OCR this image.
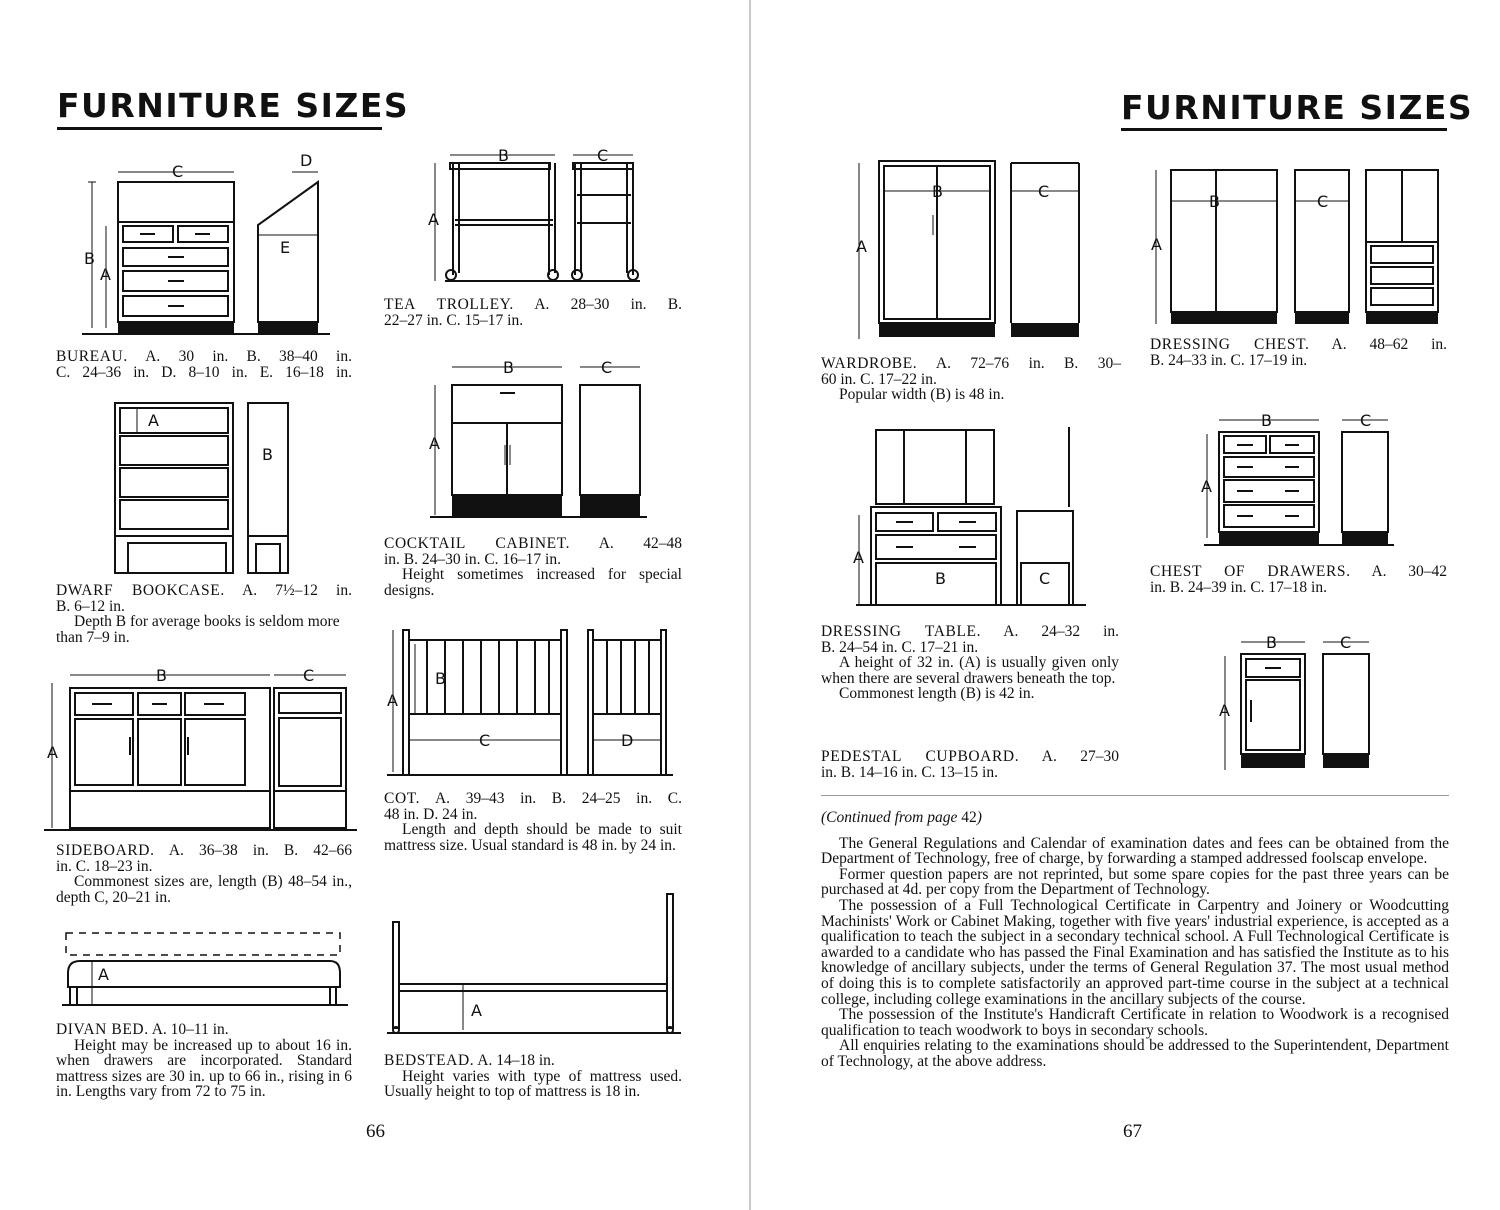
FURNITURE SIZES
C
D
E
B
A

BUREAU. A. 30 in. B. 38–40 in.

C. 24–36 in. D. 8–10 in. E. 16–18 in.

B	C
A

TEA TROLLEY. A. 28–30 in. B.

22–27 in. C. 15–17 in.

A
B

DWARF BOOKCASE. A. 7½–12 in.

B. 6–12 in.

Depth B for average books is seldom more than 7–9 in.

B	C
A

COCKTAIL CABINET. A. 42–48

in. B. 24–30 in. C. 16–17 in.

Height sometimes increased for special designs.

B	C
A

SIDEBOARD. A. 36–38 in. B. 42–66

in. C. 18–23 in.

Commonest sizes are, length (B) 48–54 in., depth C, 20–21 in.

C	D
B
A

COT. A. 39–43 in. B. 24–25 in. C.

48 in. D. 24 in.

Length and depth should be made to suit mattress size. Usual standard is 48 in. by 24 in.

A

DIVAN BED. A. 10–11 in.

Height may be increased up to about 16 in. when drawers are incorporated. Standard mattress sizes are 30 in. up to 66 in., rising in 6 in. Lengths vary from 72 to 75 in.

A

BEDSTEAD. A. 14–18 in.

Height varies with type of mattress used. Usually height to top of mattress is 18 in.

66
FURNITURE SIZES
B	C
A

WARDROBE. A. 72–76 in. B. 30–

60 in. C. 17–22 in.

Popular width (B) is 48 in.

B	C
A

DRESSING CHEST. A. 48–62 in.

B. 24–33 in. C. 17–19 in.

B	C
A

DRESSING TABLE. A. 24–32 in.

B. 24–54 in. C. 17–21 in.

A height of 32 in. (A) is usually given only when there are several drawers beneath the top.

Commonest length (B) is 42 in.

B	C
A

CHEST OF DRAWERS. A. 30–42

in. B. 24–39 in. C. 17–18 in.

B	C
A

PEDESTAL CUPBOARD. A. 27–30

in. B. 14–16 in. C. 13–15 in.

(Continued from page 42)

The General Regulations and Calendar of examination dates and fees can be obtained from the Department of Technology, free of charge, by forwarding a stamped addressed foolscap envelope.

Former question papers are not reprinted, but some spare copies for the past three years can be purchased at 4d. per copy from the Department of Technology.

The possession of a Full Technological Certificate in Carpentry and Joinery or Woodcutting Machinists' Work or Cabinet Making, together with five years' industrial experience, is accepted as a qualification to teach the subject in a secondary technical school. A Full Technological Certificate is awarded to a candidate who has passed the Final Examination and has satisfied the Institute as to his knowledge of ancillary subjects, under the terms of General Regulation 37. The most usual method of doing this is to complete satisfactorily an approved part-time course in the subject at a technical college, including college examinations in the ancillary subjects of the course.

The possession of the Institute's Handicraft Certificate in relation to Woodwork is a recognised qualification to teach woodwork to boys in secondary schools.

All enquiries relating to the examinations should be addressed to the Superintendent, Department of Technology, at the above address.

67
